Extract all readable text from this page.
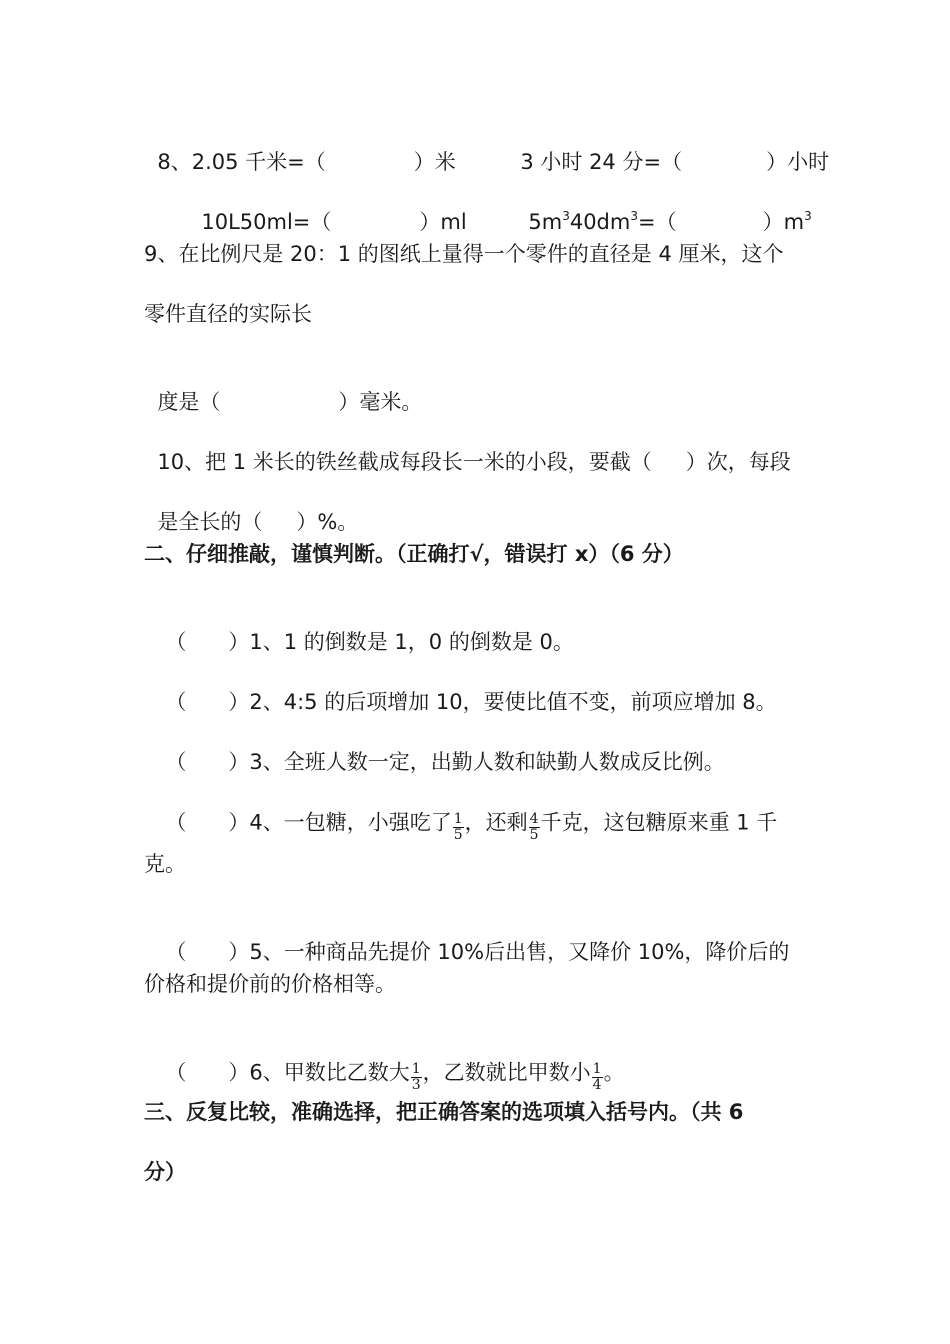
8、2.05 千米=（	）米	3 小时 24 分=（	）小时

10L50ml=（	）ml	$5m^340dm^3=$（	）$m^3$

9、在比例尺是 20：1 的图纸上量得一个零件的直径是 4 厘米，这个
零件直径的实际长

度是（	）毫米。

10、把 1 米长的铁丝截成每段长一米的小段，要截（ ）次，每段

是全长的（ ）%。

二、仔细推敲，谨慎判断。（正确打√，错误打 x）（6 分）

（ ）1、1 的倒数是 1，0 的倒数是 0。

（ ）2、4:5 的后项增加 10，要使比值不变，前项应增加 8。

（ ）3、全班人数一定，出勤人数和缺勤人数成反比例。

（ ）4、一包糖，小强吃了 $\frac{1}{5}$ ，还剩 $\frac{4}{5}$ 千克，这包糖原来重 1 千

克。

（ ）5、一种商品先提价 10%后出售，又降价 10%，降价后的

价格和提价前的价格相等。

（ ）6、甲数比乙数大 $\frac{1}{3}$ ，乙数就比甲数小 $\frac{1}{4}$ 。

三、反复比较，准确选择，把正确答案的选项填入括号内。（共 6
分）
